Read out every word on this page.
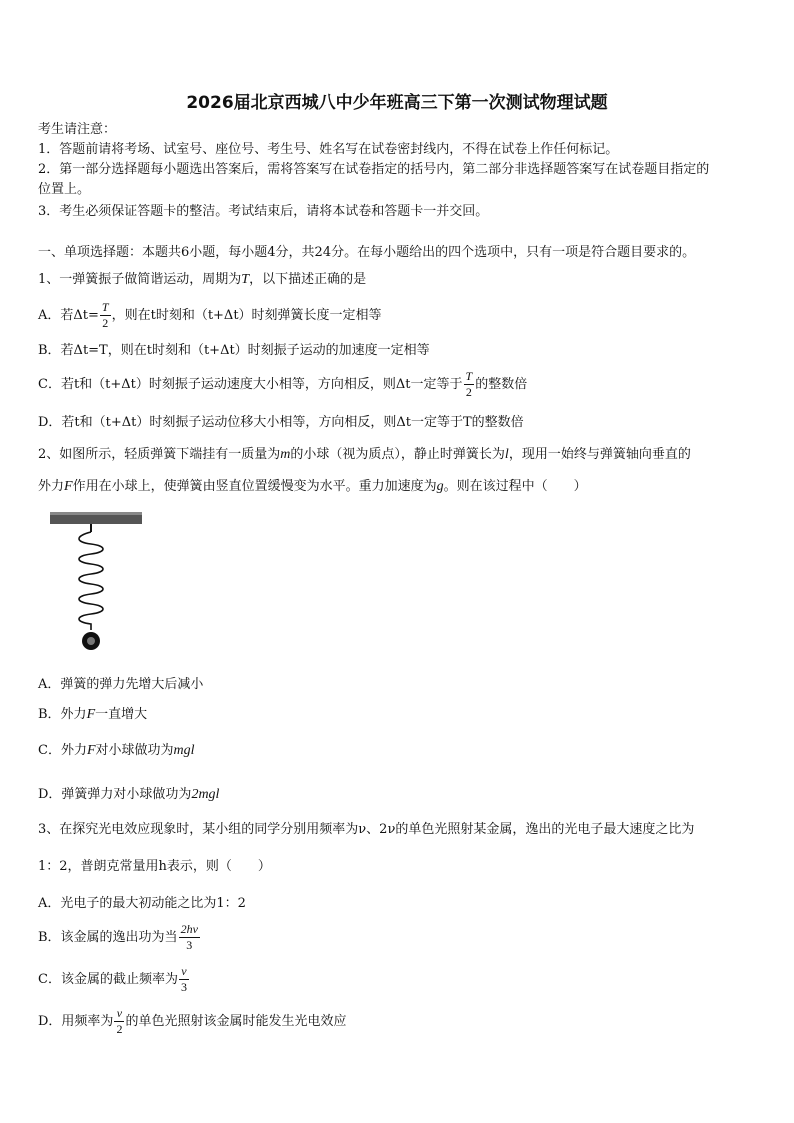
2026届北京西城八中少年班高三下第一次测试物理试题
考生请注意：
1．答题前请将考场、试室号、座位号、考生号、姓名写在试卷密封线内，不得在试卷上作任何标记。
2．第一部分选择题每小题选出答案后，需将答案写在试卷指定的括号内，第二部分非选择题答案写在试卷题目指定的
位置上。
3．考生必须保证答题卡的整洁。考试结束后，请将本试卷和答题卡一并交回。
一、单项选择题：本题共6小题，每小题4分，共24分。在每小题给出的四个选项中，只有一项是符合题目要求的。
1、一弹簧振子做简谐运动，周期为T，以下描述正确的是
A．若$\Delta t= \frac{T}{2}$ ，则在t时刻和（t+Δt）时刻弹簧长度一定相等
B．若Δt=T，则在t时刻和（t+Δt）时刻振子运动的加速度一定相等
C．若t和（t+Δt）时刻振子运动速度大小相等，方向相反，则Δt一定等于 $\frac{T}{2}$ 的整数倍
D．若t和（t+Δt）时刻振子运动位移大小相等，方向相反，则Δt一定等于T的整数倍
2、如图所示，轻质弹簧下端挂有一质量为m的小球（视为质点），静止时弹簧长为l，现用一始终与弹簧轴向垂直的
外力F作用在小球上，使弹簧由竖直位置缓慢变为水平。重力加速度为g。则在该过程中（　　）
A．弹簧的弹力先增大后减小
B．外力F一直增大
C．外力F对小球做功为mgl
D．弹簧弹力对小球做功为2mgl
3、在探究光电效应现象时，某小组的同学分别用频率为ν、2ν的单色光照射某金属，逸出的光电子最大速度之比为
1：2，普朗克常量用h表示，则（　　）
A．光电子的最大初动能之比为1：2
B．该金属的逸出功为当 $\frac{2h\nu}{3}$
C．该金属的截止频率为 $\frac{\nu}{3}$
D．用频率为 $\frac{\nu}{2}$ 的单色光照射该金属时能发生光电效应
